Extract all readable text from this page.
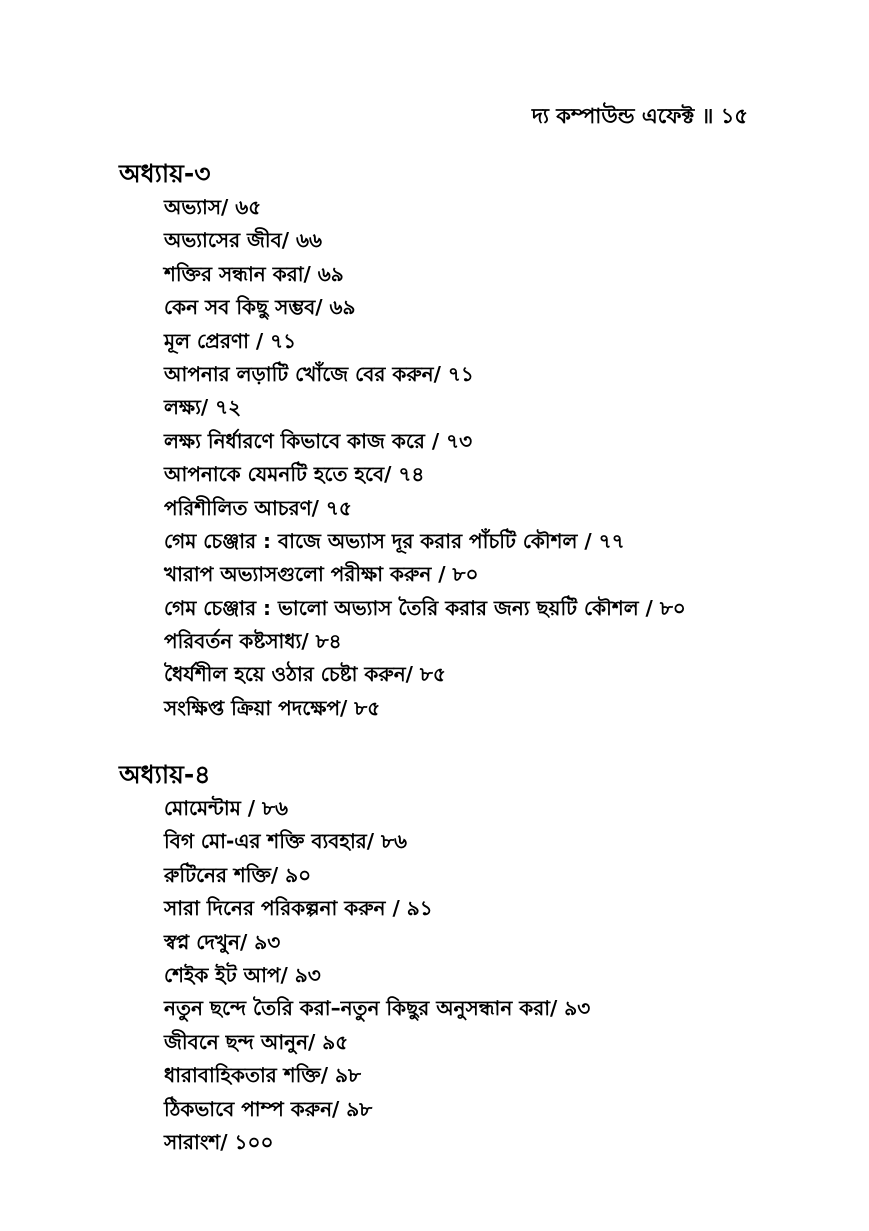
দ্য কম্পাউন্ড এফেক্ট ॥ ১৫
অধ্যায়-৩
অভ্যাস/ ৬৫
অভ্যাসের জীব/ ৬৬
শক্তির সন্ধান করা/ ৬৯
কেন সব কিছু সম্ভব/ ৬৯
মূল প্রেরণা / ৭১
আপনার লড়াটি খোঁজে বের করুন/ ৭১
লক্ষ্য/ ৭২
লক্ষ্য নির্ধারণে কিভাবে কাজ করে / ৭৩
আপনাকে যেমনটি হতে হবে/ ৭৪
পরিশীলিত আচরণ/ ৭৫
গেম চেঞ্জার : বাজে অভ্যাস দূর করার পাঁচটি কৌশল / ৭৭
খারাপ অভ্যাসগুলো পরীক্ষা করুন / ৮০
গেম চেঞ্জার : ভালো অভ্যাস তৈরি করার জন্য ছয়টি কৌশল / ৮০
পরিবর্তন কষ্টসাধ্য/ ৮৪
ধৈর্যশীল হয়ে ওঠার চেষ্টা করুন/ ৮৫
সংক্ষিপ্ত ক্রিয়া পদক্ষেপ/ ৮৫
অধ্যায়-৪
মোমেন্টাম / ৮৬
বিগ মো-এর শক্তি ব্যবহার/ ৮৬
রুটিনের শক্তি/ ৯০
সারা দিনের পরিকল্পনা করুন / ৯১
স্বপ্ন দেখুন/ ৯৩
শেইক ইট আপ/ ৯৩
নতুন ছন্দে তৈরি করা–নতুন কিছুর অনুসন্ধান করা/ ৯৩
জীবনে ছন্দ আনুন/ ৯৫
ধারাবাহিকতার শক্তি/ ৯৮
ঠিকভাবে পাম্প করুন/ ৯৮
সারাংশ/ ১০০
